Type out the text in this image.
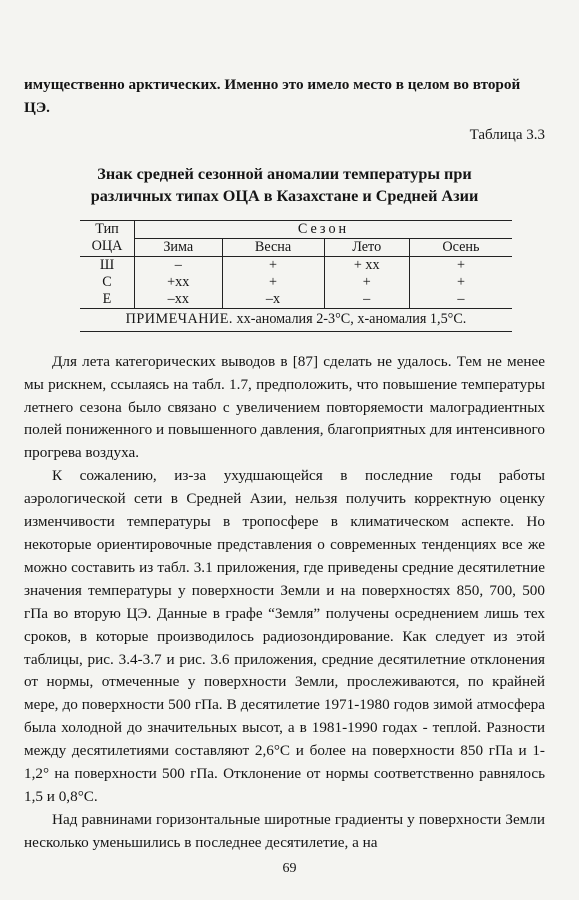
имущественно арктических. Именно это имело место в целом во второй

ЦЭ.

Таблица 3.3
Знак средней сезонной аномалии температуры при
различных типах ОЦА в Казахстане и Средней Азии
Тип	Сезон			
ОЦА	Зима	Весна	Лето	Осень
Ш	–	+	+ хх	+
С	+хх	+	+	+
Е	–хх	–х	–	–
ПРИМЕЧАНИЕ. хх-аномалия 2-3°С, х-аномалия 1,5°С.				

Для лета категорических выводов в [87] сделать не удалось. Тем не менее мы рискнем, ссылаясь на табл. 1.7, предположить, что повышение температуры летнего сезона было связано с увеличением повторяемости малоградиентных полей пониженного и повышенного давления, благоприятных для интенсивного прогрева воздуха.

К сожалению, из-за ухудшающейся в последние годы работы аэрологической сети в Средней Азии, нельзя получить корректную оценку изменчивости температуры в тропосфере в климатическом аспекте. Но некоторые ориентировочные представления о современных тенденциях все же можно составить из табл. 3.1 приложения, где приведены средние десятилетние значения температуры у поверхности Земли и на поверхностях 850, 700, 500 гПа во вторую ЦЭ. Данные в графе “Земля” получены осреднением лишь тех сроков, в которые производилось радиозондирование. Как следует из этой таблицы, рис. 3.4-3.7 и рис. 3.6 приложения, средние десятилетние отклонения от нормы, отмеченные у поверхности Земли, прослеживаются, по крайней мере, до поверхности 500 гПа. В десятилетие 1971-1980 годов зимой атмосфера была холодной до значительных высот, а в 1981-1990 годах - теплой. Разности между десятилетиями составляют 2,6°С и более на поверхности 850 гПа и 1-1,2° на поверхности 500 гПа. Отклонение от нормы соответственно равнялось 1,5 и 0,8°С.

Над равнинами горизонтальные широтные градиенты у поверхности Земли несколько уменьшились в последнее десятилетие, а на

69
